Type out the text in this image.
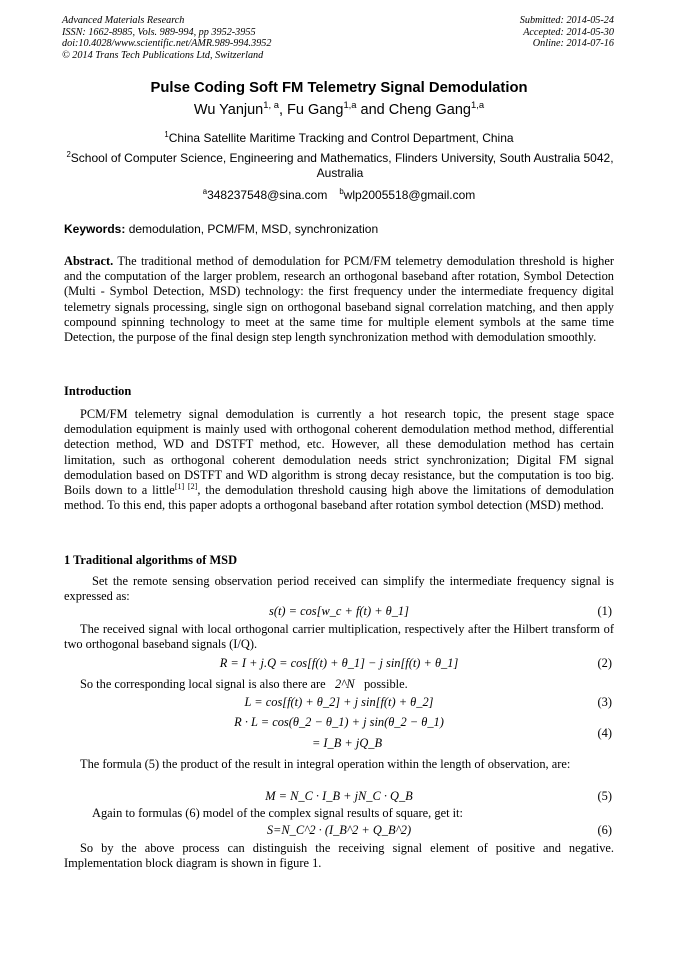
Advanced Materials Research
ISSN: 1662-8985, Vols. 989-994, pp 3952-3955
doi:10.4028/www.scientific.net/AMR.989-994.3952
© 2014 Trans Tech Publications Ltd, Switzerland
Submitted: 2014-05-24
Accepted: 2014-05-30
Online: 2014-07-16
Pulse Coding Soft FM Telemetry Signal Demodulation
Wu Yanjun$^{1, a}$, Fu Gang$^{1,a}$ and Cheng Gang$^{1,a}$
$^1$China Satellite Maritime Tracking and Control Department, China
$^2$School of Computer Science, Engineering and Mathematics, Flinders University, South Australia 5042, Australia
$^a$348237548@sina.com $^b$wlp2005518@gmail.com
Keywords: demodulation, PCM/FM, MSD, synchronization
Abstract. The traditional method of demodulation for PCM/FM telemetry demodulation threshold is higher and the computation of the larger problem, research an orthogonal baseband after rotation, Symbol Detection (Multi - Symbol Detection, MSD) technology: the first frequency under the intermediate frequency digital telemetry signals processing, single sign on orthogonal baseband signal correlation matching, and then apply compound spinning technology to meet at the same time for multiple element symbols at the same time Detection, the purpose of the final design step length synchronization method with demodulation smoothly.
Introduction
PCM/FM telemetry signal demodulation is currently a hot research topic, the present stage space demodulation equipment is mainly used with orthogonal coherent demodulation method method, differential detection method, WD and DSTFT method, etc. However, all these demodulation method has certain limitation, such as orthogonal coherent demodulation needs strict synchronization; Digital FM signal demodulation based on DSTFT and WD algorithm is strong decay resistance, but the computation is too big. Boils down to a little[1] [2], the demodulation threshold causing high above the limitations of demodulation method. To this end, this paper adopts a orthogonal baseband after rotation symbol detection (MSD) method.
1 Traditional algorithms of MSD
Set the remote sensing observation period received can simplify the intermediate frequency signal is expressed as:
s(t) = cos[w_c + f(t) + θ_1]	(1)
The received signal with local orthogonal carrier multiplication, respectively after the Hilbert transform of two orthogonal baseband signals (I/Q).
R = I + j.Q = cos[f(t) + θ_1] − j sin[f(t) + θ_1]	(2)
So the corresponding local signal is also there are 2^N possible.
L = cos[f(t) + θ_2] + j sin[f(t) + θ_2]	(3)
R · L = cos(θ_2 − θ_1) + j sin(θ_2 − θ_1)
= I_B + jQ_B
(4)
The formula (5) the product of the result in integral operation within the length of observation, are:
M = N_C · I_B + jN_C · Q_B	(5)
Again to formulas (6) model of the complex signal results of square, get it:
S=N_C^2 · (I_B^2 + Q_B^2)	(6)
So by the above process can distinguish the receiving signal element of positive and negative. Implementation block diagram is shown in figure 1.
